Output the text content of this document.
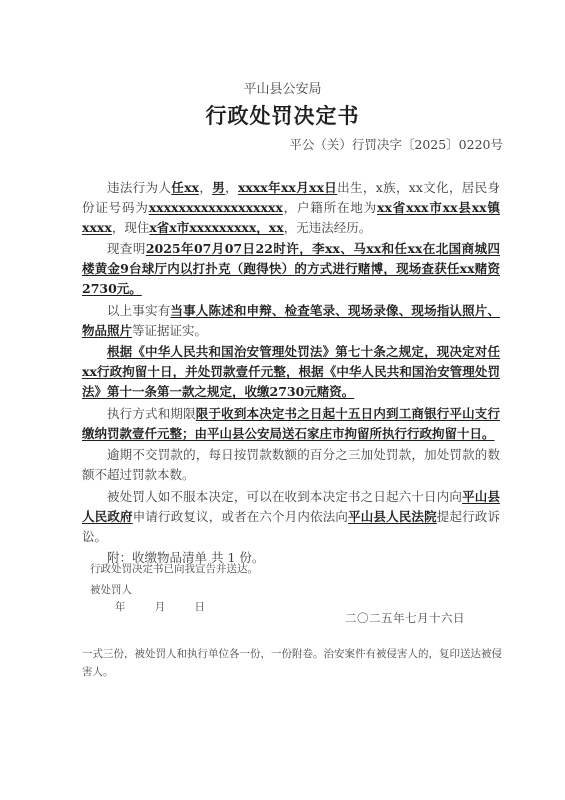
平山县公安局
行政处罚决定书
平公（关）行罚决字〔2025〕0220号

违法行为人任xx，男，xxxx年xx月xx日出生，x族，xx文化，居民身份证号码为xxxxxxxxxxxxxxxxxx，户籍所在地为xx省xxx市xx县xx镇xxxx，现住x省x市xxxxxxxxx，xx，无违法经历。

现查明2025年07月07日22时许，李xx、马xx和任xx在北国商城四楼黄金9台球厅内以打扑克（跑得快）的方式进行赌博，现场查获任xx赌资2730元。

以上事实有当事人陈述和申辩、检查笔录、现场录像、现场指认照片、物品照片等证据证实。

根据《中华人民共和国治安管理处罚法》第七十条之规定，现决定对任xx行政拘留十日，并处罚款壹仟元整，根据《中华人民共和国治安管理处罚法》第十一条第一款之规定，收缴2730元赌资。

执行方式和期限限于收到本决定书之日起十五日内到工商银行平山支行缴纳罚款壹仟元整；由平山县公安局送石家庄市拘留所执行行政拘留十日。

逾期不交罚款的，每日按罚款数额的百分之三加处罚款，加处罚款的数额不超过罚款本数。

被处罚人如不服本决定，可以在收到本决定书之日起六十日内向平山县人民政府申请行政复议，或者在六个月内依法向平山县人民法院提起行政诉讼。

附：收缴物品清单 共 1 份。

行政处罚决定书已向我宣告并送达。
被处罚人
年	月	日
二〇二五年七月十六日
一式三份，被处罚人和执行单位各一份，一份附卷。治安案件有被侵害人的，复印送达被侵害人。
